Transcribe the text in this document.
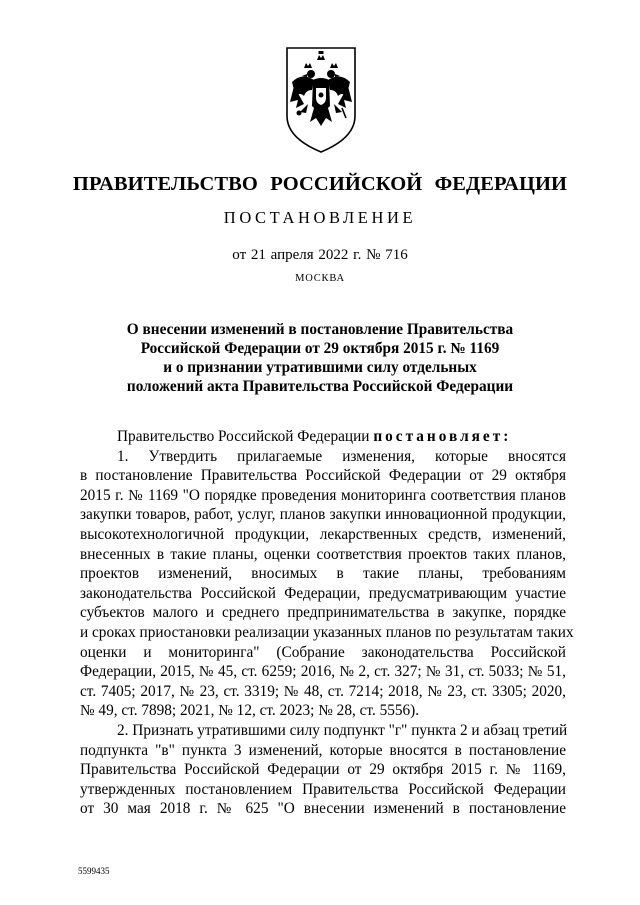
ПРАВИТЕЛЬСТВО РОССИЙСКОЙ ФЕДЕРАЦИИ
ПОСТАНОВЛЕНИЕ
от 21 апреля 2022 г. № 716
МОСКВА
О внесении изменений в постановление Правительства
Российской Федерации от 29 октября 2015 г. № 1169
и о признании утратившими силу отдельных
положений акта Правительства Российской Федерации
Правительство Российской Федерации постановляет:
1. Утвердить прилагаемые изменения, которые вносятся
в постановление Правительства Российской Федерации от 29 октября
2015 г. № 1169 "О порядке проведения мониторинга соответствия планов
закупки товаров, работ, услуг, планов закупки инновационной продукции,
высокотехнологичной продукции, лекарственных средств, изменений,
внесенных в такие планы, оценки соответствия проектов таких планов,
проектов изменений, вносимых в такие планы, требованиям
законодательства Российской Федерации, предусматривающим участие
субъектов малого и среднего предпринимательства в закупке, порядке
и сроках приостановки реализации указанных планов по результатам таких
оценки и мониторинга" (Собрание законодательства Российской
Федерации, 2015, № 45, ст. 6259; 2016, № 2, ст. 327; № 31, ст. 5033; № 51,
ст. 7405; 2017, № 23, ст. 3319; № 48, ст. 7214; 2018, № 23, ст. 3305; 2020,
№ 49, ст. 7898; 2021, № 12, ст. 2023; № 28, ст. 5556).
2. Признать утратившими силу подпункт "г" пункта 2 и абзац третий
подпункта "в" пункта 3 изменений, которые вносятся в постановление
Правительства Российской Федерации от 29 октября 2015 г. № 1169,
утвержденных постановлением Правительства Российской Федерации
от 30 мая 2018 г. № 625 "О внесении изменений в постановление
5599435
